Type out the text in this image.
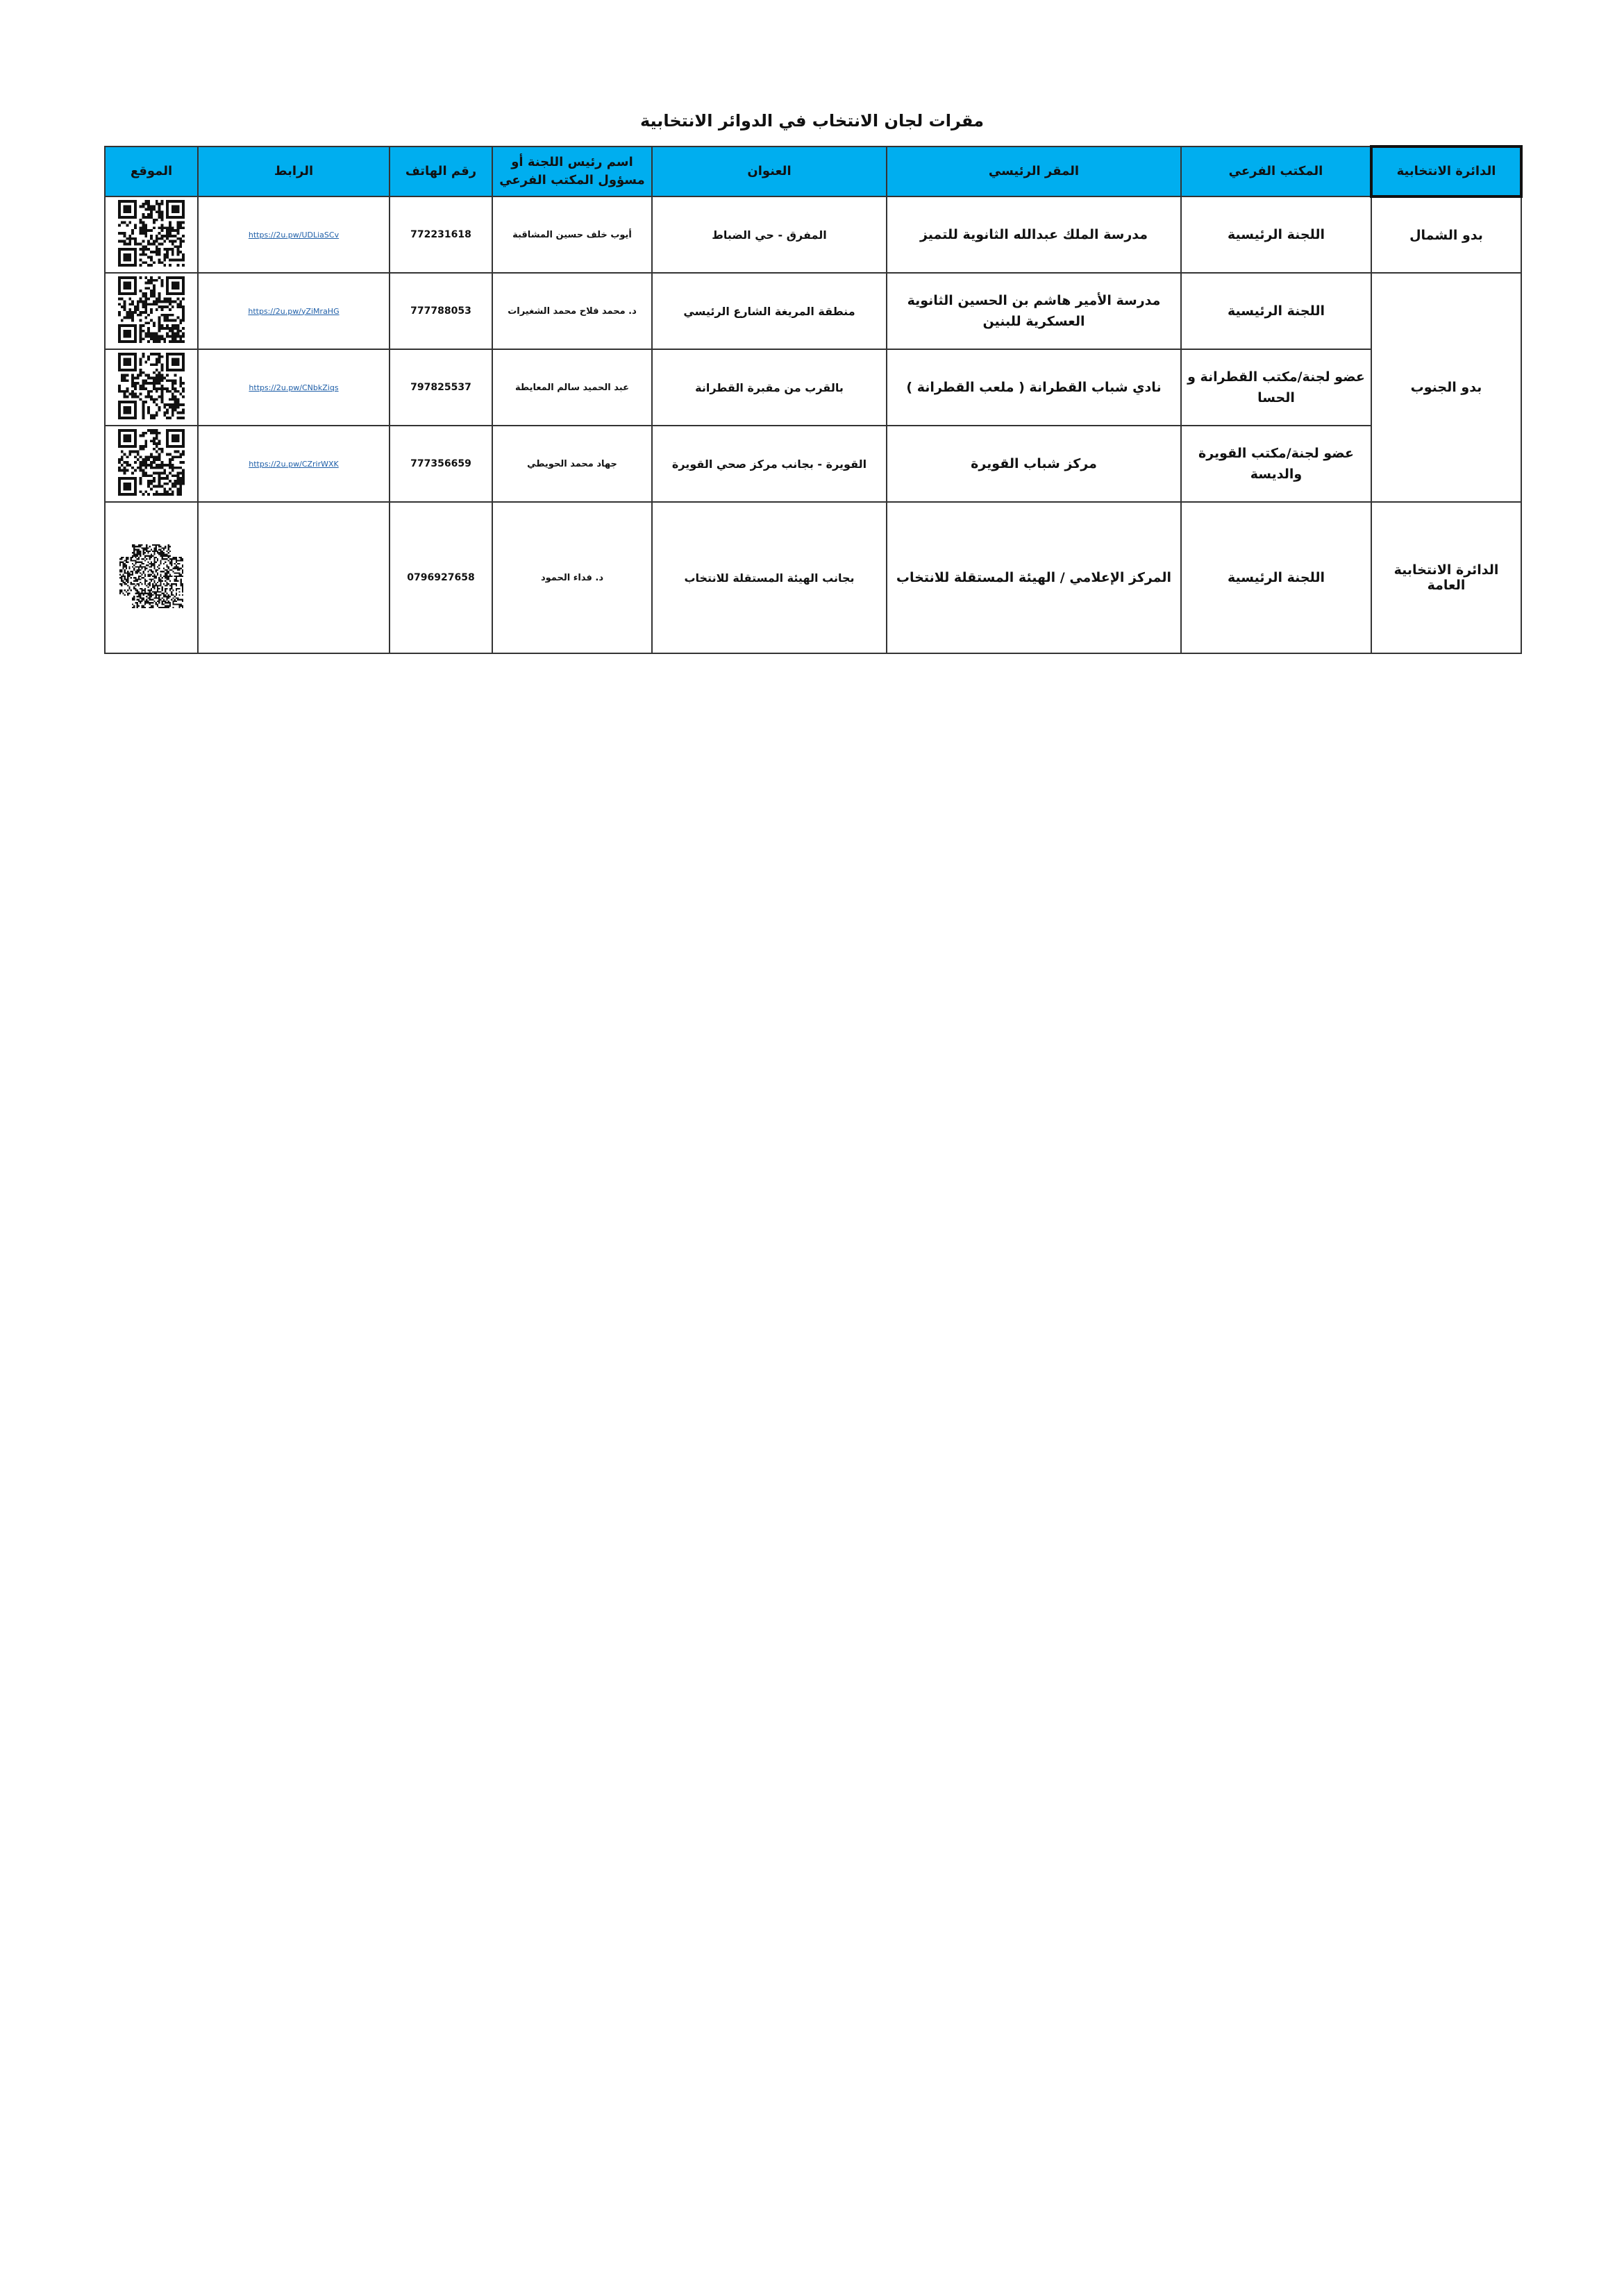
مقرات لجان الانتخاب في الدوائر الانتخابية
الدائرة الانتخابية	المكتب الفرعي	المقر الرئيسي	العنوان	اسم رئيس اللجنة أو مسؤول المكتب الفرعي	رقم الهاتف	الرابط	الموقع
بدو الشمال	اللجنة الرئيسية	مدرسة الملك عبدالله الثانوية للتميز	المفرق - حي الضباط	أيوب خلف حسين المشاقبة	772231618	https://2u.pw/UDLiaSCv	

بدو الجنوب	اللجنة الرئيسية	مدرسة الأمير هاشم بن الحسين الثانوية العسكرية للبنين	منطقة المريغة الشارع الرئيسي	د. محمد فلاح محمد الشغيرات	777788053	https://2u.pw/yZiMraHG	

	عضو لجنة/مكتب القطرانة و الحسا	نادي شباب القطرانة ( ملعب القطرانة )	بالقرب من مقبرة القطرانة	عبد الحميد سالم المعايطة	797825537	https://2u.pw/CNbkZiqs	

	عضو لجنة/مكتب القويرة والديسة	مركز شباب القويرة	القويرة - بجانب مركز صحي القويرة	جهاد محمد الحويطي	777356659	https://2u.pw/CZrirWXK	

الدائرة الانتخابية العامة	اللجنة الرئيسية	المركز الإعلامي / الهيئة المستقلة للانتخاب	بجانب الهيئة المستقلة للانتخاب	د. فداء الحمود	0796927658		
